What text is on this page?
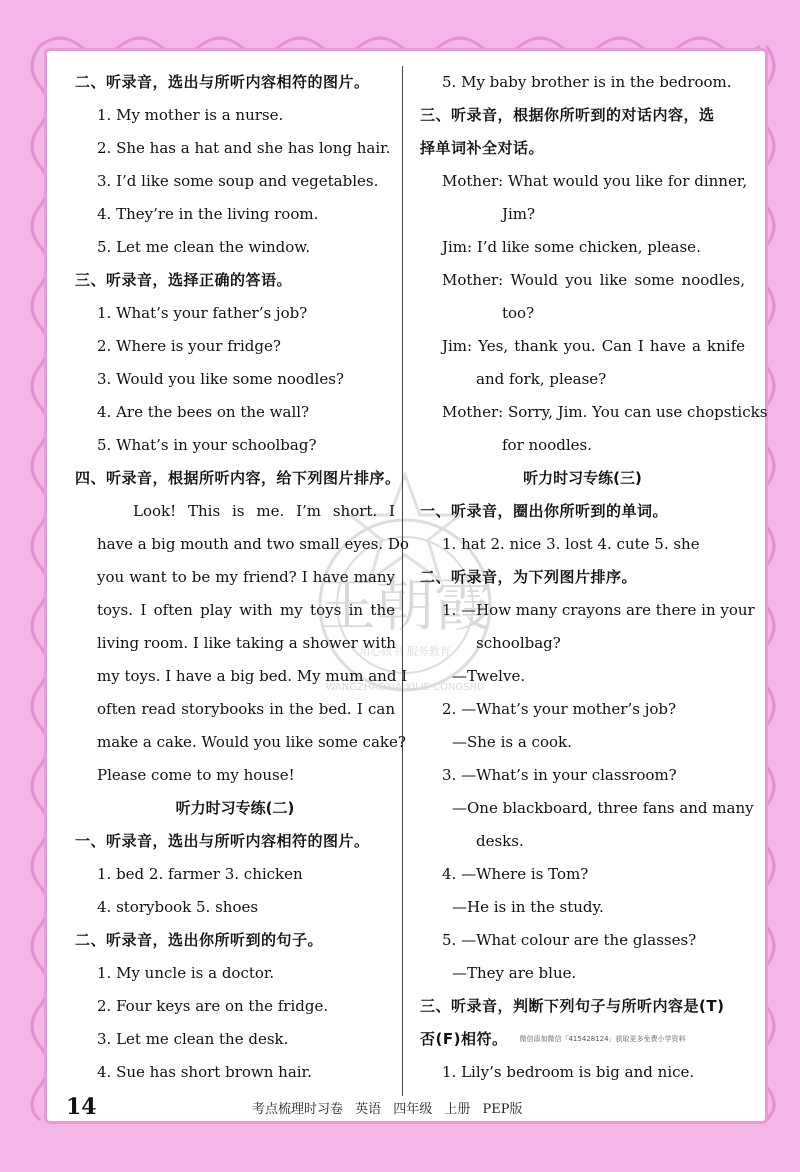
王朝霞
用心做书 服务教育
WANGZHAOXIA XILIE CONGSHU
二、听录音，选出与所听内容相符的图片。
1. My mother is a nurse.
2. She has a hat and she has long hair.
3. I’d like some soup and vegetables.
4. They’re in the living room.
5. Let me clean the window.
三、听录音，选择正确的答语。
1. What’s your father’s job?
2. Where is your fridge?
3. Would you like some noodles?
4. Are the bees on the wall?
5. What’s in your schoolbag?
四、听录音，根据所听内容，给下列图片排序。
Look! This is me. I’m short. I
have a big mouth and two small eyes. Do
you want to be my friend? I have many
toys. I often play with my toys in the
living room. I like taking a shower with
my toys. I have a big bed. My mum and I
often read storybooks in the bed. I can
make a cake. Would you like some cake?
Please come to my house!
听力时习专练(二)
一、听录音，选出与所听内容相符的图片。
1. bed 2. farmer 3. chicken
4. storybook 5. shoes
二、听录音，选出你所听到的句子。
1. My uncle is a doctor.
2. Four keys are on the fridge.
3. Let me clean the desk.
4. Sue has short brown hair.
5. My baby brother is in the bedroom.
三、听录音，根据你所听到的对话内容，选
择单词补全对话。
Mother: What would you like for dinner,
Jim?
Jim: I’d like some chicken, please.
Mother: Would you like some noodles,
too?
Jim: Yes, thank you. Can I have a knife
and fork, please?
Mother: Sorry, Jim. You can use chopsticks
for noodles.
听力时习专练(三)
一、听录音，圈出你所听到的单词。
1. hat 2. nice 3. lost 4. cute 5. she
二、听录音，为下列图片排序。
1. —How many crayons are there in your
schoolbag?
—Twelve.
2. —What’s your mother’s job?
—She is a cook.
3. —What’s in your classroom?
—One blackboard, three fans and many
desks.
4. —Where is Tom?
—He is in the study.
5. —What colour are the glasses?
—They are blue.
三、听录音，判断下列句子与所听内容是(T)
否(F)相符。 微信添加微信「415428124」获取更多免费小学资料
1. Lily’s bedroom is big and nice.
14	考点梳理时习卷 英语 四年级 上册 PEP版
